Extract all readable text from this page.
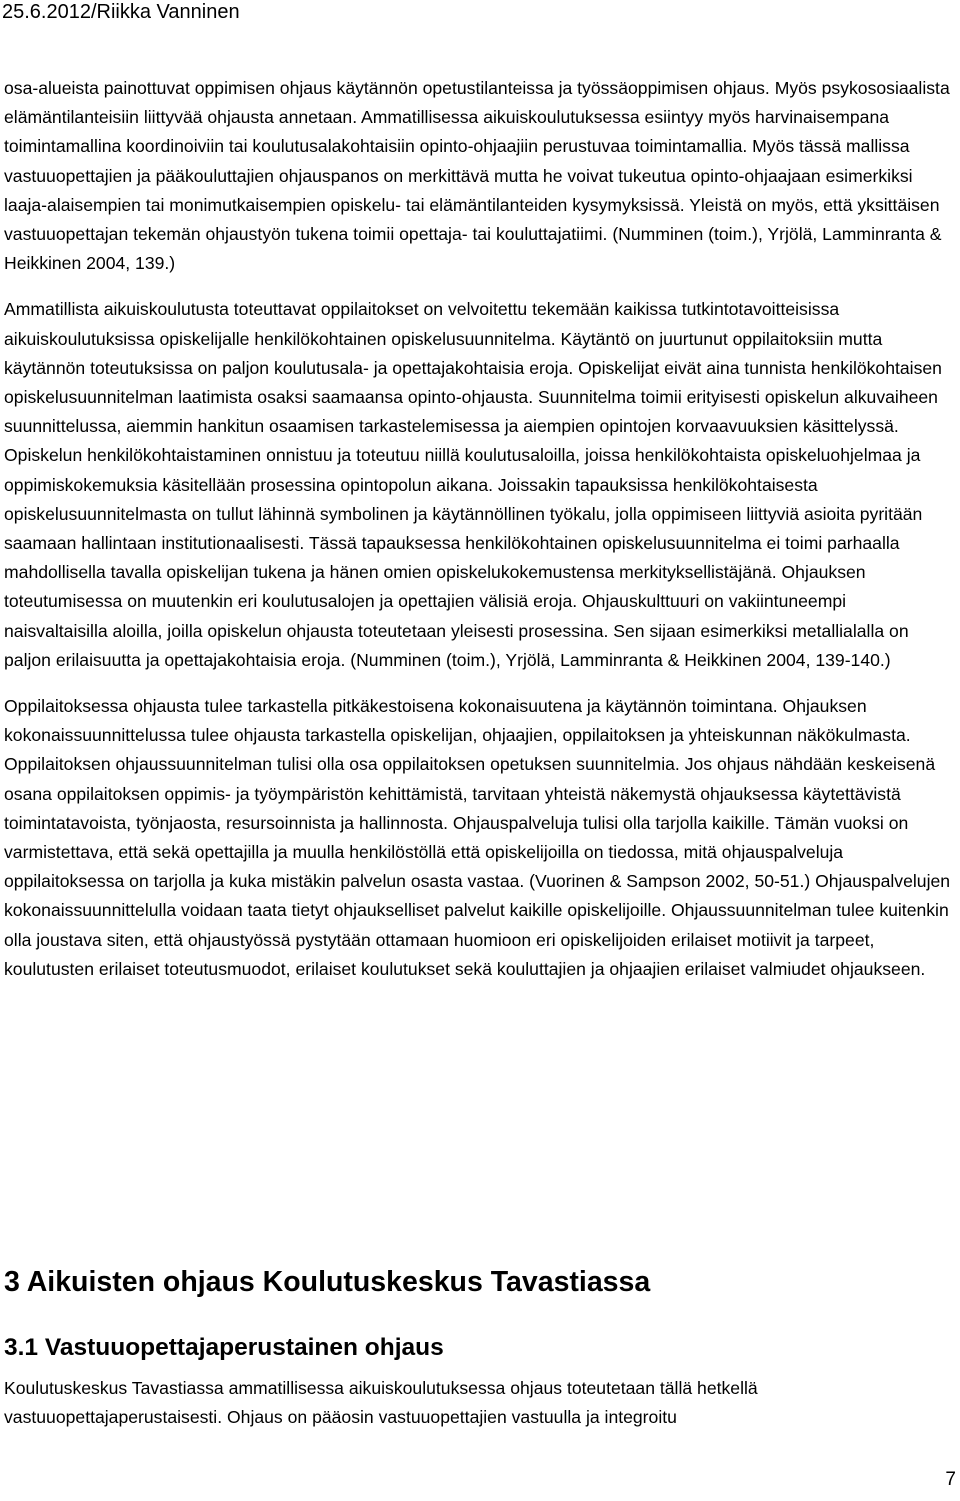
25.6.2012/Riikka Vanninen

osa-alueista painottuvat oppimisen ohjaus käytännön opetustilanteissa ja työssäoppimisen ohjaus. Myös psykososiaalista elämäntilanteisiin liittyvää ohjausta annetaan. Ammatillisessa aikuiskoulutuksessa esiintyy myös harvinaisempana toimintamallina koordinoiviin tai koulutusalakohtaisiin opinto-ohjaajiin perustuvaa toimintamallia. Myös tässä mallissa vastuuopettajien ja pääkouluttajien ohjauspanos on merkittävä mutta he voivat tukeutua opinto-ohjaajaan esimerkiksi laaja-alaisempien tai monimutkaisempien opiskelu- tai elämäntilanteiden kysymyksissä. Yleistä on myös, että yksittäisen vastuuopettajan tekemän ohjaustyön tukena toimii opettaja- tai kouluttajatiimi. (Numminen (toim.), Yrjölä, Lamminranta & Heikkinen 2004, 139.)

Ammatillista aikuiskoulutusta toteuttavat oppilaitokset on velvoitettu tekemään kaikissa tutkintotavoitteisissa aikuiskoulutuksissa opiskelijalle henkilökohtainen opiskelusuunnitelma. Käytäntö on juurtunut oppilaitoksiin mutta käytännön toteutuksissa on paljon koulutusala- ja opettajakohtaisia eroja. Opiskelijat eivät aina tunnista henkilökohtaisen opiskelusuunnitelman laatimista osaksi saamaansa opinto-ohjausta. Suunnitelma toimii erityisesti opiskelun alkuvaiheen suunnittelussa, aiemmin hankitun osaamisen tarkastelemisessa ja aiempien opintojen korvaavuuksien käsittelyssä. Opiskelun henkilökohtaistaminen onnistuu ja toteutuu niillä koulutusaloilla, joissa henkilökohtaista opiskeluohjelmaa ja oppimiskokemuksia käsitellään prosessina opintopolun aikana. Joissakin tapauksissa henkilökohtaisesta opiskelusuunnitelmasta on tullut lähinnä symbolinen ja käytännöllinen työkalu, jolla oppimiseen liittyviä asioita pyritään saamaan hallintaan institutionaalisesti. Tässä tapauksessa henkilökohtainen opiskelusuunnitelma ei toimi parhaalla mahdollisella tavalla opiskelijan tukena ja hänen omien opiskelukokemustensa merkityksellistäjänä. Ohjauksen toteutumisessa on muutenkin eri koulutusalojen ja opettajien välisiä eroja. Ohjauskulttuuri on vakiintuneempi naisvaltaisilla aloilla, joilla opiskelun ohjausta toteutetaan yleisesti prosessina. Sen sijaan esimerkiksi metallialalla on paljon erilaisuutta ja opettajakohtaisia eroja. (Numminen (toim.), Yrjölä, Lamminranta & Heikkinen 2004, 139-140.)

Oppilaitoksessa ohjausta tulee tarkastella pitkäkestoisena kokonaisuutena ja käytännön toimintana. Ohjauksen kokonaissuunnittelussa tulee ohjausta tarkastella opiskelijan, ohjaajien, oppilaitoksen ja yhteiskunnan näkökulmasta. Oppilaitoksen ohjaussuunnitelman tulisi olla osa oppilaitoksen opetuksen suunnitelmia. Jos ohjaus nähdään keskeisenä osana oppilaitoksen oppimis- ja työympäristön kehittämistä, tarvitaan yhteistä näkemystä ohjauksessa käytettävistä toimintatavoista, työnjaosta, resursoinnista ja hallinnosta. Ohjauspalveluja tulisi olla tarjolla kaikille. Tämän vuoksi on varmistettava, että sekä opettajilla ja muulla henkilöstöllä että opiskelijoilla on tiedossa, mitä ohjauspalveluja oppilaitoksessa on tarjolla ja kuka mistäkin palvelun osasta vastaa. (Vuorinen & Sampson 2002, 50-51.) Ohjauspalvelujen kokonaissuunnittelulla voidaan taata tietyt ohjaukselliset palvelut kaikille opiskelijoille. Ohjaussuunnitelman tulee kuitenkin olla joustava siten, että ohjaustyössä pystytään ottamaan huomioon eri opiskelijoiden erilaiset motiivit ja tarpeet, koulutusten erilaiset toteutusmuodot, erilaiset koulutukset sekä kouluttajien ja ohjaajien erilaiset valmiudet ohjaukseen.

3 Aikuisten ohjaus Koulutuskeskus Tavastiassa
3.1 Vastuuopettajaperustainen ohjaus

Koulutuskeskus Tavastiassa ammatillisessa aikuiskoulutuksessa ohjaus toteutetaan tällä hetkellä vastuuopettajaperustaisesti. Ohjaus on pääosin vastuuopettajien vastuulla ja integroitu

7
